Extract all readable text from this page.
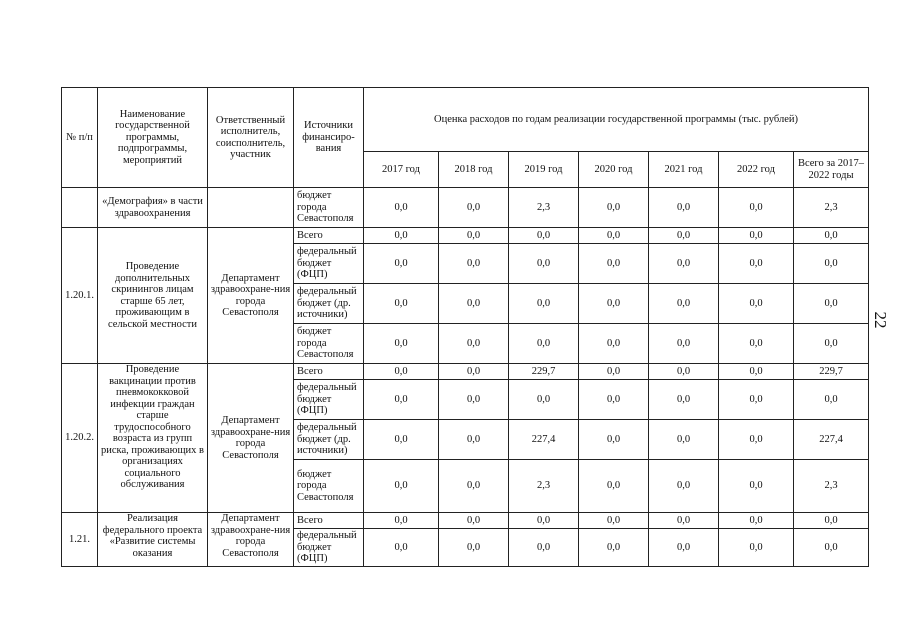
22
№ п/п	Наименование государственной программы, подпрограммы, мероприятий	Ответственный исполнитель, соисполнитель, участник	Источники финансиро-вания	Оценка расходов по годам реализации государственной программы (тыс. рублей)						
				2017 год	2018 год	2019 год	2020 год	2021 год	2022 год	Всего за 2017–2022 годы
	«Демография» в части здравоохранения		бюджет города Севастополя	0,0	0,0	2,3	0,0	0,0	0,0	2,3
1.20.1.	Проведение дополнительных скринингов лицам старше 65 лет, проживающим в сельской местности	Департамент здравоохране-ния города Севастополя	Всего	0,0	0,0	0,0	0,0	0,0	0,0	0,0
			федеральный бюджет (ФЦП)	0,0	0,0	0,0	0,0	0,0	0,0	0,0
			федеральный бюджет (др. источники)	0,0	0,0	0,0	0,0	0,0	0,0	0,0
			бюджет города Севастополя	0,0	0,0	0,0	0,0	0,0	0,0	0,0
1.20.2.	Проведение вакцинации против пневмококковой инфекции граждан старше трудоспособного возраста из групп риска, проживающих в организациях социального обслуживания	Департамент здравоохране-ния города Севастополя	Всего	0,0	0,0	229,7	0,0	0,0	0,0	229,7
			федеральный бюджет (ФЦП)	0,0	0,0	0,0	0,0	0,0	0,0	0,0
			федеральный бюджет (др. источники)	0,0	0,0	227,4	0,0	0,0	0,0	227,4
			бюджет города Севастополя	0,0	0,0	2,3	0,0	0,0	0,0	2,3
1.21.	Реализация федерального проекта «Развитие системы оказания	Департамент здравоохране-ния города Севастополя	Всего	0,0	0,0	0,0	0,0	0,0	0,0	0,0
			федеральный бюджет (ФЦП)	0,0	0,0	0,0	0,0	0,0	0,0	0,0
